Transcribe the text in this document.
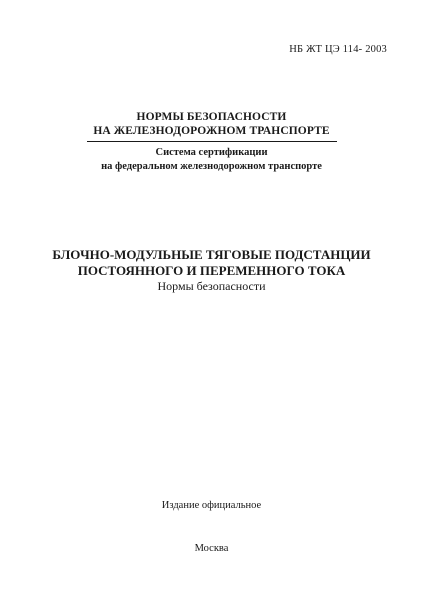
НБ ЖТ ЦЭ 114- 2003
НОРМЫ БЕЗОПАСНОСТИ
НА ЖЕЛЕЗНОДОРОЖНОМ ТРАНСПОРТЕ
Система сертификации
на федеральном железнодорожном транспорте
БЛОЧНО-МОДУЛЬНЫЕ ТЯГОВЫЕ ПОДСТАНЦИИ
ПОСТОЯННОГО И ПЕРЕМЕННОГО ТОКА
Нормы безопасности
Издание официальное
Москва
